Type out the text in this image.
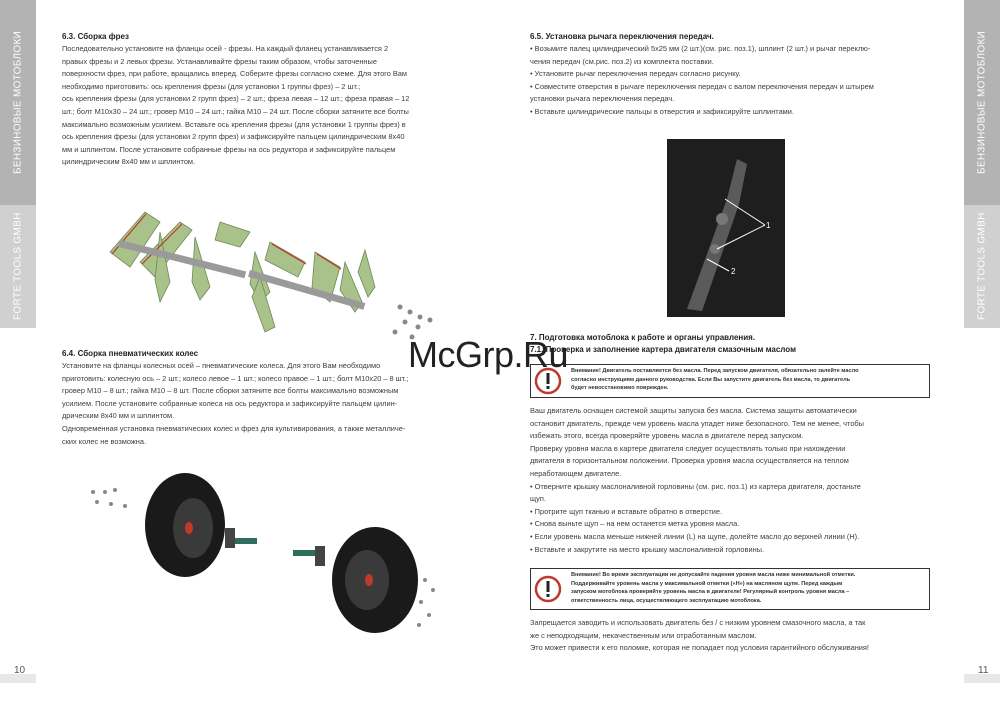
БЕНЗИНОВЫЕ МОТОБЛОКИ
FORTE TOOLS GMBH
БЕНЗИНОВЫЕ МОТОБЛОКИ
FORTE TOOLS GMBH
10	11
6.3. Сборка фрез
Последовательно установите на фланцы осей - фрезы. На каждый фланец устанавливается 2
правых фрезы и 2 левых фрезы. Устанавливайте фрезы таким образом, чтобы заточенные
поверхности фрез, при работе, вращались вперед. Соберите фрезы согласно схеме. Для этого Вам
необходимо приготовить: ось крепления фрезы (для установки 1 группы фрез) – 2 шт.;
ось крепления фрезы (для установки 2 групп фрез) – 2 шт.; фреза левая – 12 шт.; фреза правая – 12
шт.; болт М10х30 – 24 шт.; гровер М10 – 24 шт.; гайка М10 – 24 шт. После сборки затяните все болты
максимально возможным усилием. Вставьте ось крепления фрезы (для установки 1 группы фрез) в
ось крепления фрезы (для установки 2 групп фрез) и зафиксируйте пальцем цилиндрическим 8х40
мм и шплинтом. После установите собранные фрезы на ось редуктора и зафиксируйте пальцем
цилиндрическим 8х40 мм и шплинтом.
6.4. Сборка пневматических колес
Установите на фланцы колесных осей – пневматические колеса. Для этого Вам необходимо
приготовить: колесную ось – 2 шт.; колесо левое – 1 шт.; колесо правое – 1 шт.; болт М10х20 – 8 шт.;
гровер М10 – 8 шт.; гайка М10 – 8 шт. После сборки затяните все болты максимально возможным
усилием. После установите собранные колеса на ось редуктора и зафиксируйте пальцем цилин-
дрическим 8х40 мм и шплинтом.
Одновременная установка пневматических колес и фрез для культивирования, а также металличе-
ских колес не возможна.
6.5. Установка рычага переключения передач.
• Возьмите палец цилиндрический 5х25 мм (2 шт.)(см. рис. поз.1), шплинт (2 шт.) и рычаг переклю-
чения передач (см.рис. поз.2) из комплекта поставки.
• Установите рычаг переключения передач согласно рисунку.
• Совместите отверстия в рычаге переключения передач с валом переключения передач и штырем
установки рычага переключения передач.
• Вставьте цилиндрические пальцы в отверстия и зафиксируйте шплинтами.
1
2
7. Подготовка мотоблока к работе и органы управления.
7.1. Проверка и заполнение картера двигателя смазочным маслом
Внимание! Двигатель поставляется без масла. Перед запуском двигателя, обязательно залейте масло
согласно инструкциям данного руководства. Если Вы запустите двигатель без масла, то двигатель
будет невосстановимо поврежден.
Ваш двигатель оснащен системой защиты запуска без масла. Система защиты автоматически
остановит двигатель, прежде чем уровень масла упадет ниже безопасного. Тем не менее, чтобы
избежать этого, всегда проверяйте уровень масла в двигателе перед запуском.
Проверку уровня масла в картере двигателя следует осуществлять только при нахождении
двигателя в горизонтальном положении. Проверка уровня масла осуществляется на теплом
неработающем двигателе.
• Отверните крышку маслоналивной горловины (см. рис. поз.1) из картера двигателя, достаньте
щуп.
• Протрите щуп тканью и вставьте обратно в отверстие.
• Снова выньте щуп – на нем останется метка уровня масла.
• Если уровень масла меньше нижней линии (L) на щупе, долейте масло до верхней линии (H).
• Вставьте и закрутите на место крышку маслоналивной горловины.
Внимание! Во время эксплуатации не допускайте падения уровня масла ниже минимальной отметки.
Поддерживайте уровень масла у максимальной отметки («Н») на масляном щупе. Перед каждым
запуском мотоблока проверяйте уровень масла в двигателе! Регулярный контроль уровня масла –
ответственность лица, осуществляющего эксплуатацию мотоблока.
Запрещается заводить и использовать двигатель без / с низким уровнем смазочного масла, а так
же с неподходящим, некачественным или отработанным маслом.
Это может привести к его поломке, которая не попадает под условия гарантийного обслуживания!
McGrp.Ru
